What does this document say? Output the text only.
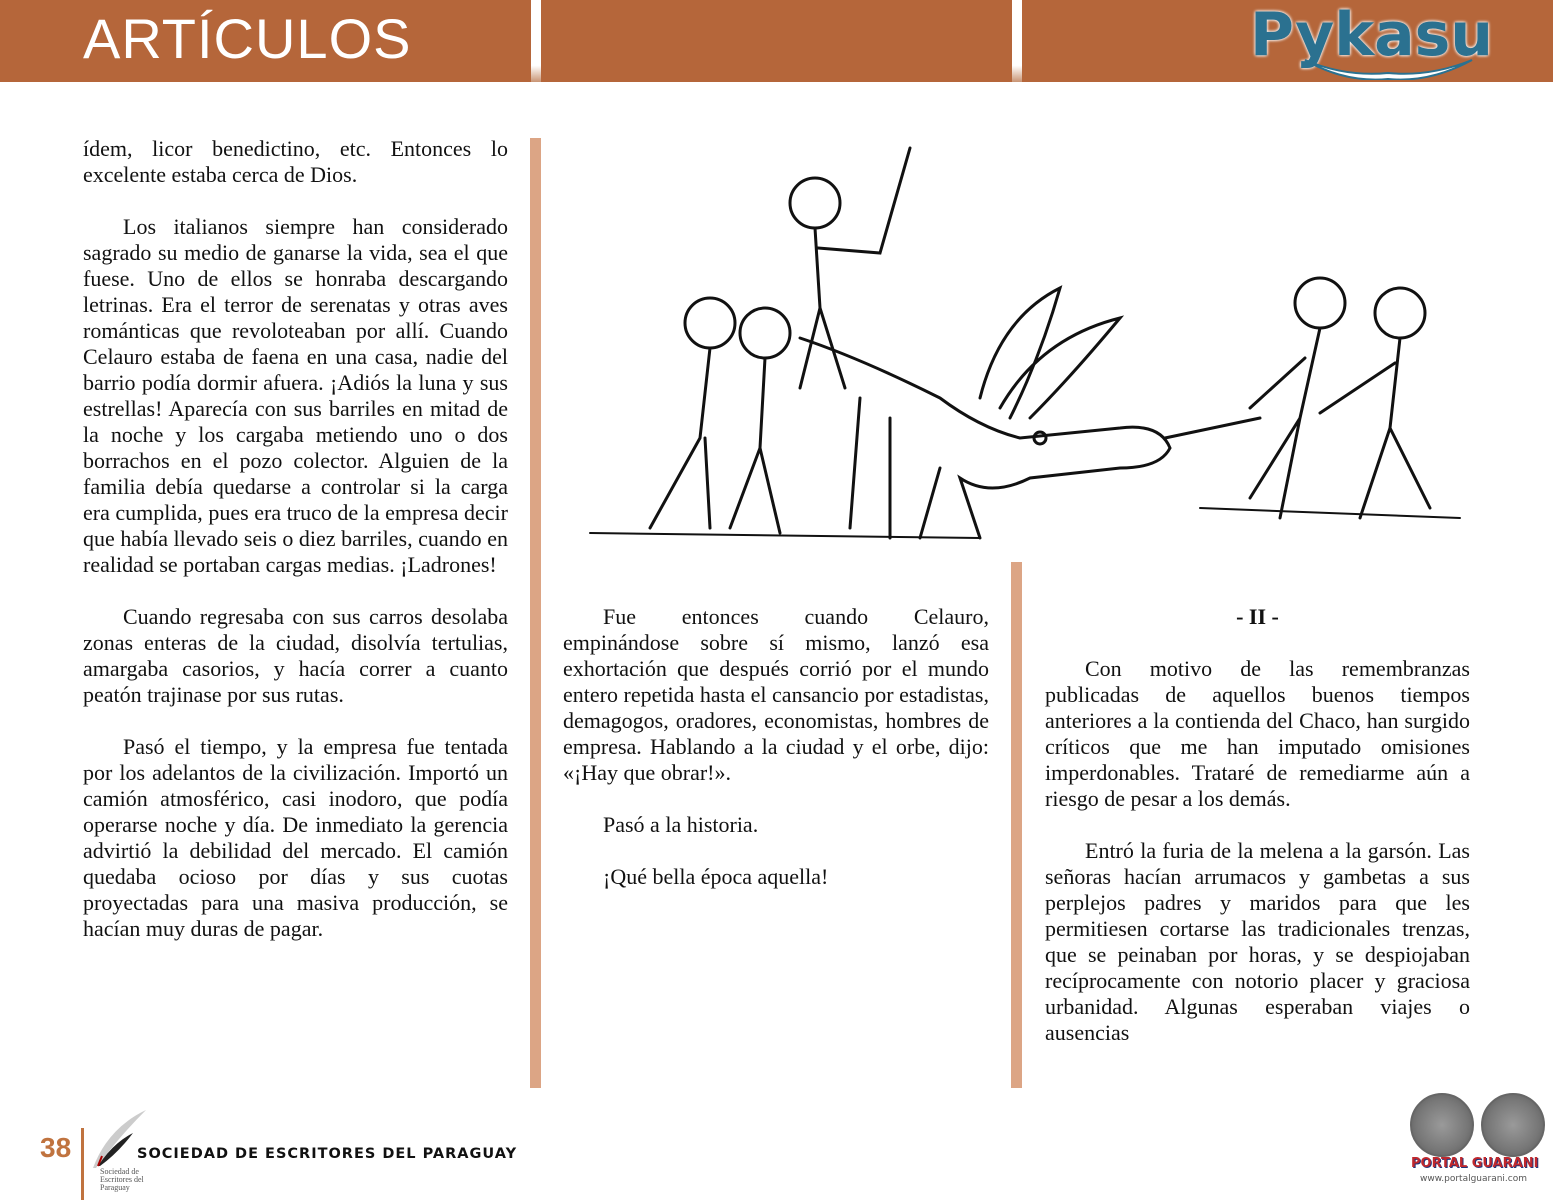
ARTÍCULOS	Pykasu

ídem, licor benedictino, etc. Entonces lo excelente estaba cerca de Dios.

Los italianos siempre han considerado sagrado su medio de ganarse la vida, sea el que fuese. Uno de ellos se honraba descargando letrinas. Era el terror de serenatas y otras aves románticas que revoloteaban por allí. Cuando Celauro estaba de faena en una casa, nadie del barrio podía dormir afuera. ¡Adiós la luna y sus estrellas! Aparecía con sus barriles en mitad de la noche y los cargaba metiendo uno o dos borrachos en el pozo colector. Alguien de la familia debía quedarse a controlar si la carga era cumplida, pues era truco de la empresa decir que había llevado seis o diez barriles, cuando en realidad se portaban cargas medias. ¡Ladrones!

Cuando regresaba con sus carros desolaba zonas enteras de la ciudad, disolvía tertulias, amargaba casorios, y hacía correr a cuanto peatón trajinase por sus rutas.

Pasó el tiempo, y la empresa fue tentada por los adelantos de la civilización. Importó un camión atmosférico, casi inodoro, que podía operarse noche y día. De inmediato la gerencia advirtió la debilidad del mercado. El camión quedaba ocioso por días y sus cuotas proyectadas para una masiva producción, se hacían muy duras de pagar.

Fue entonces cuando Celauro, empinándose sobre sí mismo, lanzó esa exhortación que después corrió por el mundo entero repetida hasta el cansancio por estadistas, demagogos, oradores, economistas, hombres de empresa. Hablando a la ciudad y el orbe, dijo: «¡Hay que obrar!».

Pasó a la historia.

¡Qué bella época aquella!

- II -

Con motivo de las remembranzas publicadas de aquellos buenos tiempos anteriores a la contienda del Chaco, han surgido críticos que me han imputado omisiones imperdonables. Trataré de remediarme aún a riesgo de pesar a los demás.

Entró la furia de la melena a la garsón. Las señoras hacían arrumacos y gambetas a sus perplejos padres y maridos para que les permitiesen cortarse las tradicionales trenzas, que se peinaban por horas, y se despiojaban recíprocamente con notorio placer y graciosa urbanidad. Algunas esperaban viajes o ausencias

38
Sociedad de Escritores del Paraguay
SOCIEDAD DE ESCRITORES DEL PARAGUAY
PORTAL GUARANI
www.portalguarani.com
